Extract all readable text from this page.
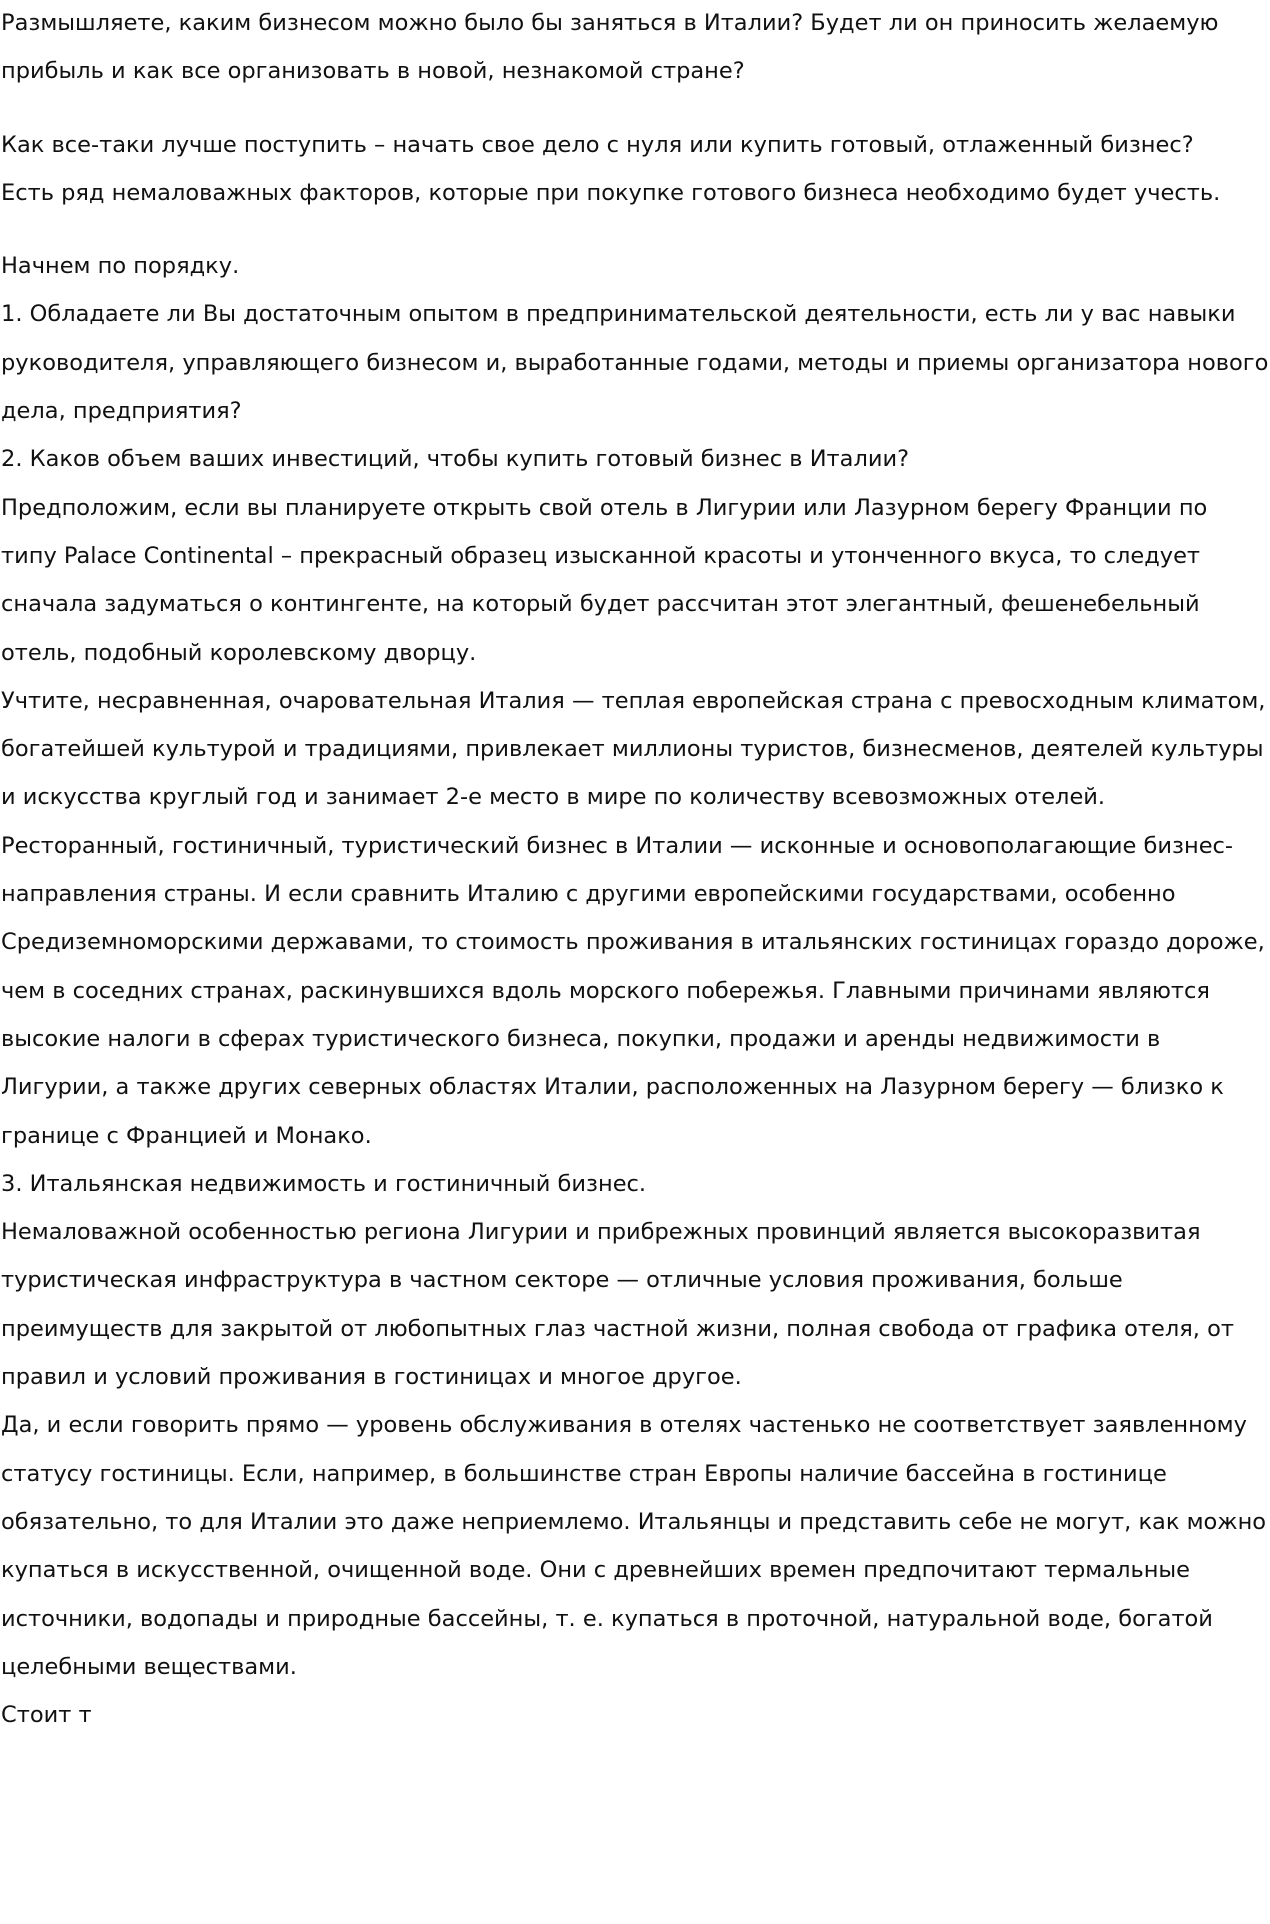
Размышляете, каким бизнесом можно было бы заняться в Италии? Будет ли он приносить желаемую прибыль и как все организовать в новой, незнакомой стране?

Как все-таки лучше поступить – начать свое дело с нуля или купить готовый, отлаженный бизнес?

Есть ряд немаловажных факторов, которые при покупке готового бизнеса необходимо будет учесть.

Начнем по порядку.

1. Обладаете ли Вы достаточным опытом в предпринимательской деятельности, есть ли у вас навыки руководителя, управляющего бизнесом и, выработанные годами, методы и приемы организатора нового дела, предприятия?

2. Каков объем ваших инвестиций, чтобы купить готовый бизнес в Италии?

Предположим, если вы планируете открыть свой отель в Лигурии или Лазурном берегу Франции по типу Palace Continental – прекрасный образец изысканной красоты и утонченного вкуса, то следует сначала задуматься о контингенте, на который будет рассчитан этот элегантный, фешенебельный отель, подобный королевскому дворцу.

Учтите, несравненная, очаровательная Италия — теплая европейская страна с превосходным климатом, богатейшей культурой и традициями, привлекает миллионы туристов, бизнесменов, деятелей культуры и искусства круглый год и занимает 2-е место в мире по количеству всевозможных отелей. Ресторанный, гостиничный, туристический бизнес в Италии — исконные и основополагающие бизнес-направления страны. И если сравнить Италию с другими европейскими государствами, особенно Средиземноморскими державами, то стоимость проживания в итальянских гостиницах гораздо дороже, чем в соседних странах, раскинувшихся вдоль морского побережья. Главными причинами являются высокие налоги в сферах туристического бизнеса, покупки, продажи и аренды недвижимости в Лигурии, а также других северных областях Италии, расположенных на Лазурном берегу — близко к границе с Францией и Монако.

3. Итальянская недвижимость и гостиничный бизнес.

Немаловажной особенностью региона Лигурии и прибрежных провинций является высокоразвитая туристическая инфраструктура в частном секторе — отличные условия проживания, больше преимуществ для закрытой от любопытных глаз частной жизни, полная свобода от графика отеля, от правил и условий проживания в гостиницах и многое другое.

Да, и если говорить прямо — уровень обслуживания в отелях частенько не соответствует заявленному статусу гостиницы. Если, например, в большинстве стран Европы наличие бассейна в гостинице обязательно, то для Италии это даже неприемлемо. Итальянцы и представить себе не могут, как можно купаться в искусственной, очищенной воде. Они с древнейших времен предпочитают термальные источники, водопады и природные бассейны, т. е. купаться в проточной, натуральной воде, богатой целебными веществами.

Стоит т
